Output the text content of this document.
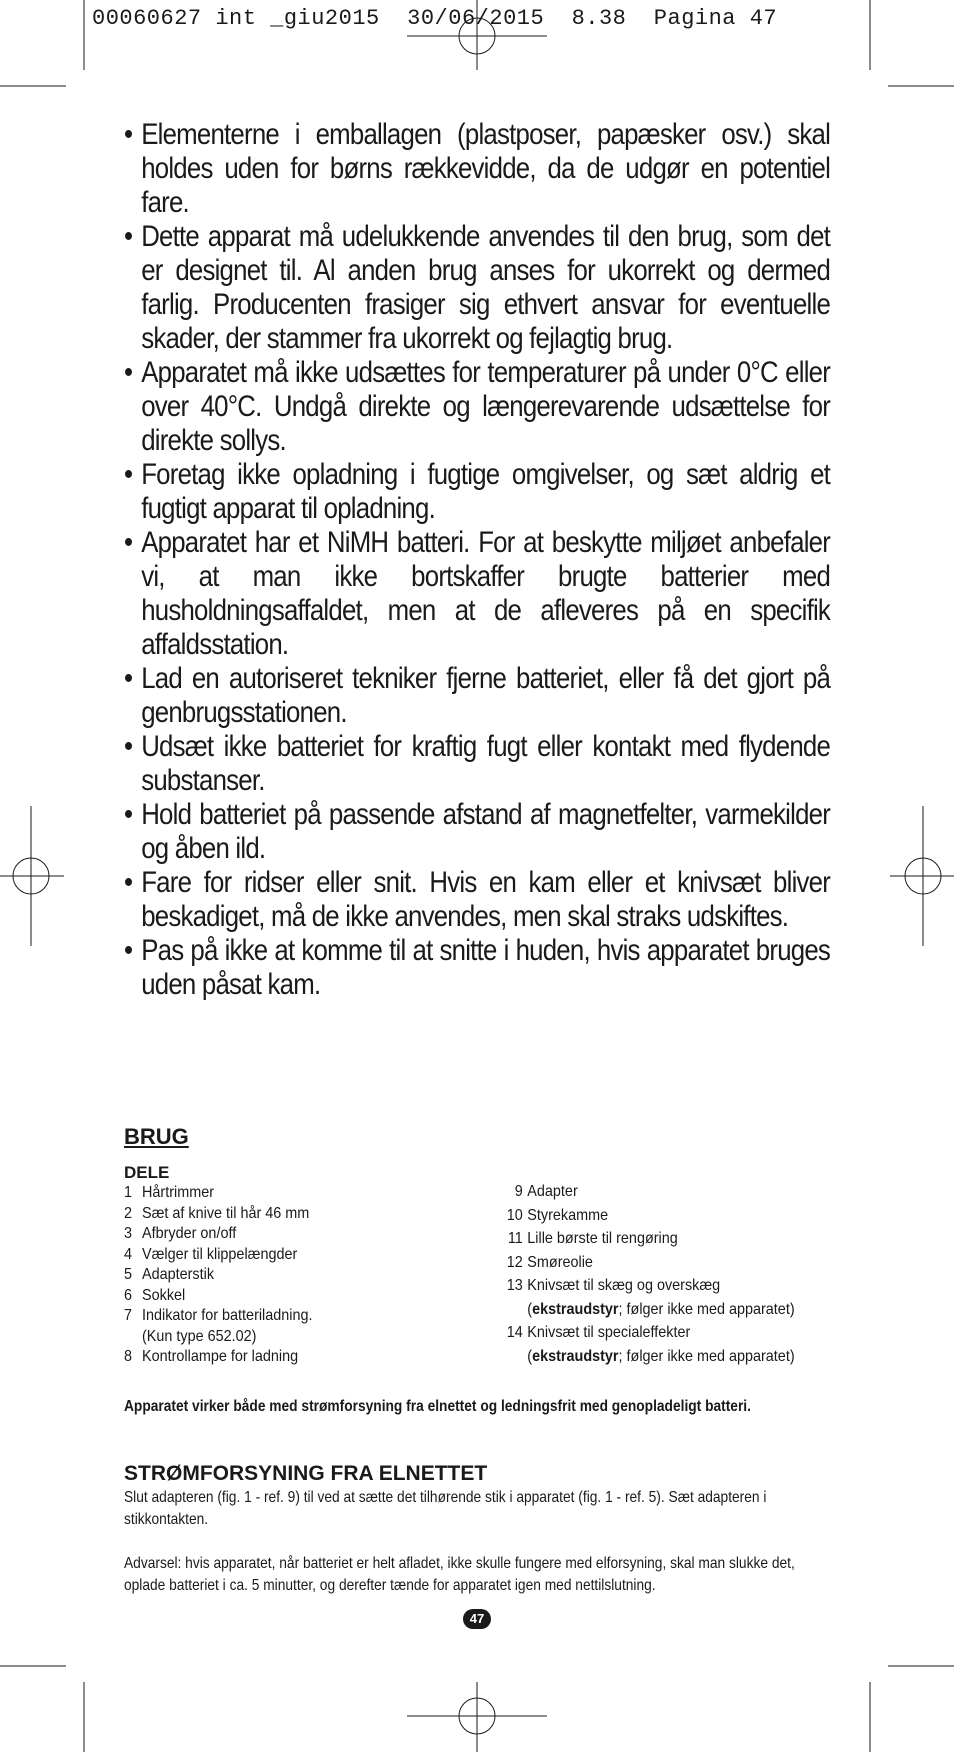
00060627 int _giu2015  30/06/2015  8.38  Pagina 47
• Elementerne i emballagen (plastposer, papæsker osv.) skal holdes uden for børns rækkevidde, da de udgør en potentiel fare.
• Dette apparat må udelukkende anvendes til den brug, som det er designet til. Al anden brug anses for ukorrekt og dermed farlig. Producenten frasiger sig ethvert ansvar for eventuelle skader, der stammer fra ukorrekt og fejlagtig brug.
• Apparatet må ikke udsættes for temperaturer på under 0°C eller over 40°C. Undgå direkte og længerevarende udsættelse for direkte sollys.
• Foretag ikke opladning i fugtige omgivelser, og sæt aldrig et fugtigt apparat til opladning.
• Apparatet har et NiMH batteri. For at beskytte miljøet anbefaler vi, at man ikke bortskaffer brugte batterier med husholdningsaffaldet, men at de afleveres på en specifik affaldsstation.
• Lad en autoriseret tekniker fjerne batteriet, eller få det gjort på genbrugsstationen.
• Udsæt ikke batteriet for kraftig fugt eller kontakt med flydende substanser.
• Hold batteriet på passende afstand af magnetfelter, varmekilder og åben ild.
• Fare for ridser eller snit. Hvis en kam eller et knivsæt bliver beskadiget, må de ikke anvendes, men skal straks udskiftes.
• Pas på ikke at komme til at snitte i huden, hvis apparatet bruges uden påsat kam.
BRUG
DELE
1 Hårtrimmer
2 Sæt af knive til hår 46 mm
3 Afbryder on/off
4 Vælger til klippelængder
5 Adapterstik
6 Sokkel
7 Indikator for batteriladning.
(Kun type 652.02)
8 Kontrollampe for ladning
9 Adapter
10 Styrekamme
11 Lille børste til rengøring
12 Smøreolie
13 Knivsæt til skæg og overskæg
(ekstraudstyr; følger ikke med apparatet)
14 Knivsæt til specialeffekter
(ekstraudstyr; følger ikke med apparatet)

Apparatet virker både med strømforsyning fra elnettet og ledningsfrit med genopladeligt batteri.

STRØMFORSYNING FRA ELNETTET

Slut adapteren (fig. 1 - ref. 9) til ved at sætte det tilhørende stik i apparatet (fig. 1 - ref. 5). Sæt adapteren i stikkontakten.

Advarsel: hvis apparatet, når batteriet er helt afladet, ikke skulle fungere med elforsyning, skal man slukke det, oplade batteriet i ca. 5 minutter, og derefter tænde for apparatet igen med nettilslutning.

47
